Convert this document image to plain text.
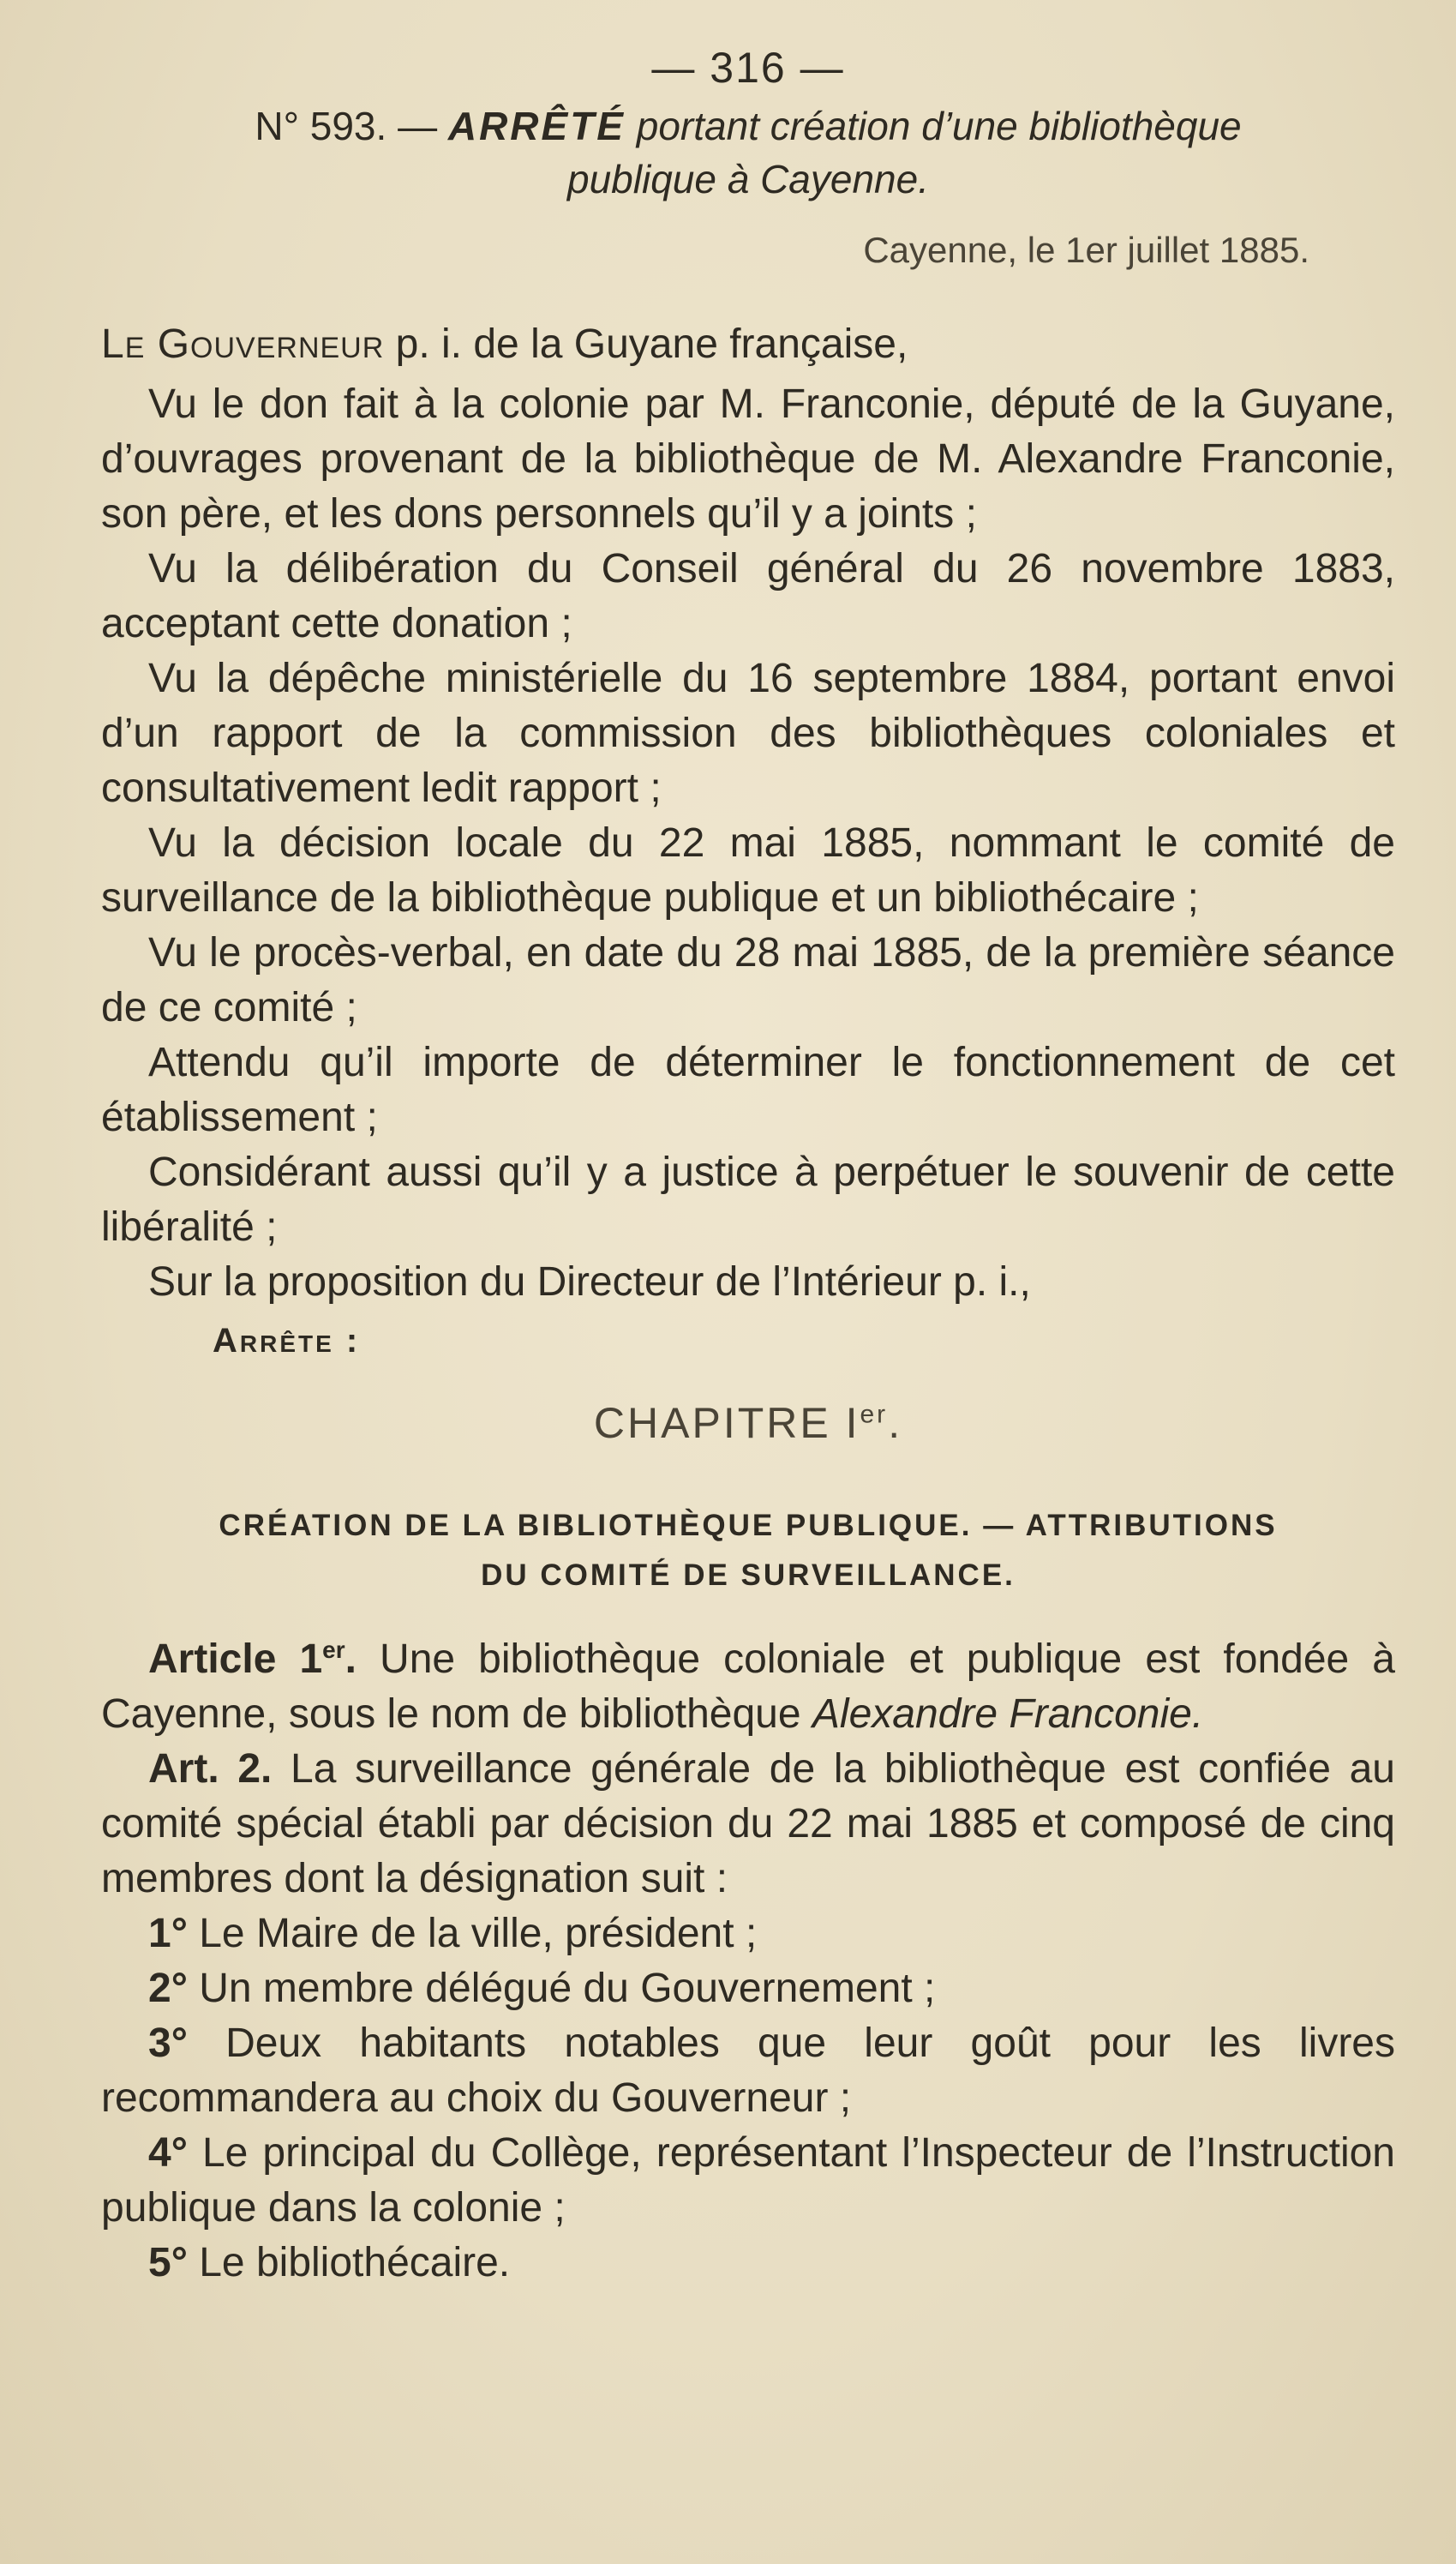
— 316 —
N° 593. — ARRÊTÉ portant création d’une bibliothèque
publique à Cayenne.
Cayenne, le 1er juillet 1885.
Le Gouverneur p. i. de la Guyane française,

Vu le don fait à la colonie par M. Franconie, député de la Guyane, d’ouvrages provenant de la bibliothèque de M. Alexandre Franconie, son père, et les dons personnels qu’il y a joints ;

Vu la délibération du Conseil général du 26 novembre 1883, acceptant cette donation ;

Vu la dépêche ministérielle du 16 septembre 1884, portant envoi d’un rapport de la commission des bibliothèques coloniales et consultativement ledit rapport ;

Vu la décision locale du 22 mai 1885, nommant le comité de surveillance de la bibliothèque publique et un bibliothécaire ;

Vu le procès-verbal, en date du 28 mai 1885, de la première séance de ce comité ;

Attendu qu’il importe de déterminer le fonctionnement de cet établissement ;

Considérant aussi qu’il y a justice à perpétuer le souvenir de cette libéralité ;

Sur la proposition du Directeur de l’Intérieur p. i.,

Arrête :
CHAPITRE Ier.
CRÉATION DE LA BIBLIOTHÈQUE PUBLIQUE. — ATTRIBUTIONS
DU COMITÉ DE SURVEILLANCE.

Article 1er. Une bibliothèque coloniale et publique est fondée à Cayenne, sous le nom de bibliothèque Alexandre Franconie.

Art. 2. La surveillance générale de la bibliothèque est confiée au comité spécial établi par décision du 22 mai 1885 et composé de cinq membres dont la désignation suit :

1° Le Maire de la ville, président ;

2° Un membre délégué du Gouvernement ;

3° Deux habitants notables que leur goût pour les livres recommandera au choix du Gouverneur ;

4° Le principal du Collège, représentant l’Inspecteur de l’Instruction publique dans la colonie ;

5° Le bibliothécaire.
